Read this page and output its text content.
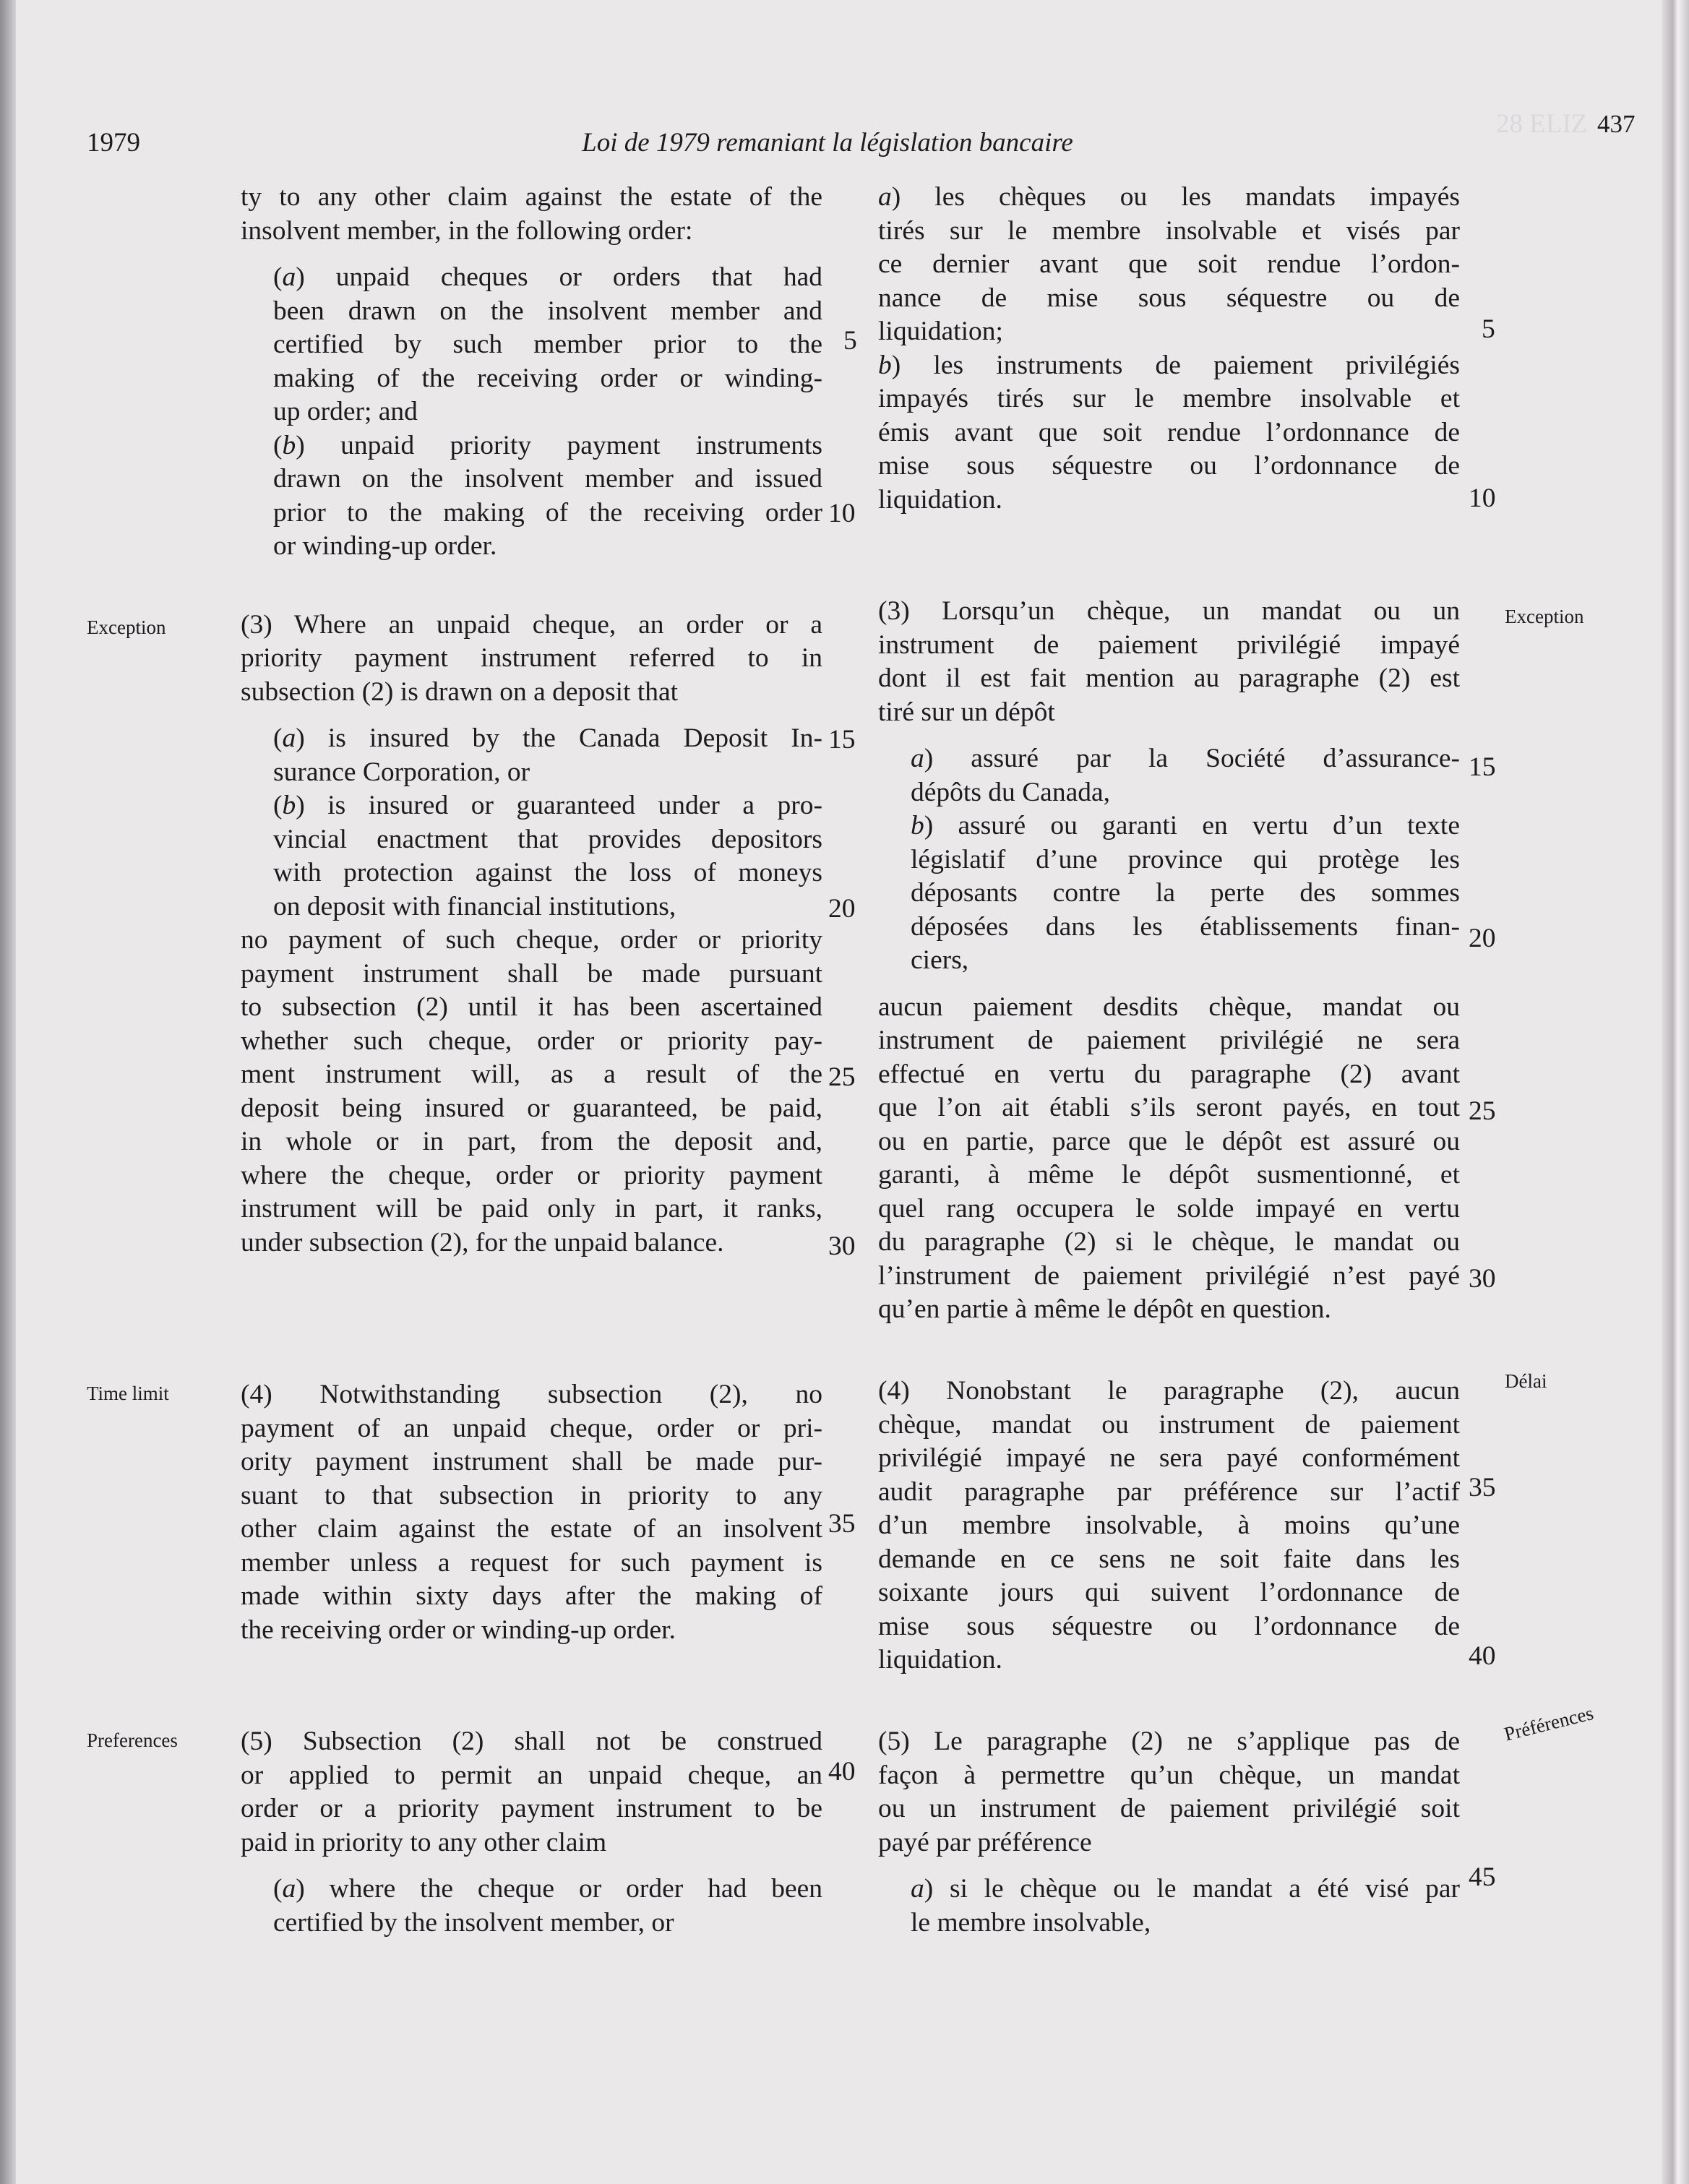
28 ELIZ
1979	Loi de 1979 remaniant la législation bancaire
437
Exception	Exception
Time limit
Délai
Preferences	Préférences

ty to any other claim against the estate of the

insolvent member, in the following order:

(a) unpaid cheques or orders that had

been drawn on the insolvent member and

certified by such member prior to the

making of the receiving order or winding-

up order; and

(b) unpaid priority payment instruments

drawn on the insolvent member and issued

prior to the making of the receiving order

or winding-up order.

(3) Where an unpaid cheque, an order or a

priority payment instrument referred to in

subsection (2) is drawn on a deposit that

(a) is insured by the Canada Deposit In-

surance Corporation, or

(b) is insured or guaranteed under a pro-

vincial enactment that provides depositors

with protection against the loss of moneys

on deposit with financial institutions,

no payment of such cheque, order or priority

payment instrument shall be made pursuant

to subsection (2) until it has been ascertained

whether such cheque, order or priority pay-

ment instrument will, as a result of the

deposit being insured or guaranteed, be paid,

in whole or in part, from the deposit and,

where the cheque, order or priority payment

instrument will be paid only in part, it ranks,

under subsection (2), for the unpaid balance.

(4) Notwithstanding subsection (2), no

payment of an unpaid cheque, order or pri-

ority payment instrument shall be made pur-

suant to that subsection in priority to any

other claim against the estate of an insolvent

member unless a request for such payment is

made within sixty days after the making of

the receiving order or winding-up order.

(5) Subsection (2) shall not be construed

or applied to permit an unpaid cheque, an

order or a priority payment instrument to be

paid in priority to any other claim

(a) where the cheque or order had been

certified by the insolvent member, or

a) les chèques ou les mandats impayés

tirés sur le membre insolvable et visés par

ce dernier avant que soit rendue l’ordon-

nance de mise sous séquestre ou de

liquidation;

b) les instruments de paiement privilégiés

impayés tirés sur le membre insolvable et

émis avant que soit rendue l’ordonnance de

mise sous séquestre ou l’ordonnance de

liquidation.

(3) Lorsqu’un chèque, un mandat ou un

instrument de paiement privilégié impayé

dont il est fait mention au paragraphe (2) est

tiré sur un dépôt

a) assuré par la Société d’assurance-

dépôts du Canada,

b) assuré ou garanti en vertu d’un texte

législatif d’une province qui protège les

déposants contre la perte des sommes

déposées dans les établissements finan-

ciers,

aucun paiement desdits chèque, mandat ou

instrument de paiement privilégié ne sera

effectué en vertu du paragraphe (2) avant

que l’on ait établi s’ils seront payés, en tout

ou en partie, parce que le dépôt est assuré ou

garanti, à même le dépôt susmentionné, et

quel rang occupera le solde impayé en vertu

du paragraphe (2) si le chèque, le mandat ou

l’instrument de paiement privilégié n’est payé

qu’en partie à même le dépôt en question.

(4) Nonobstant le paragraphe (2), aucun

chèque, mandat ou instrument de paiement

privilégié impayé ne sera payé conformément

audit paragraphe par préférence sur l’actif

d’un membre insolvable, à moins qu’une

demande en ce sens ne soit faite dans les

soixante jours qui suivent l’ordonnance de

mise sous séquestre ou l’ordonnance de

liquidation.

(5) Le paragraphe (2) ne s’applique pas de

façon à permettre qu’un chèque, un mandat

ou un instrument de paiement privilégié soit

payé par préférence

a) si le chèque ou le mandat a été visé par

le membre insolvable,

5
10
15
20
25
30
35
40
5
10
15
20
25
30
35
40
45
